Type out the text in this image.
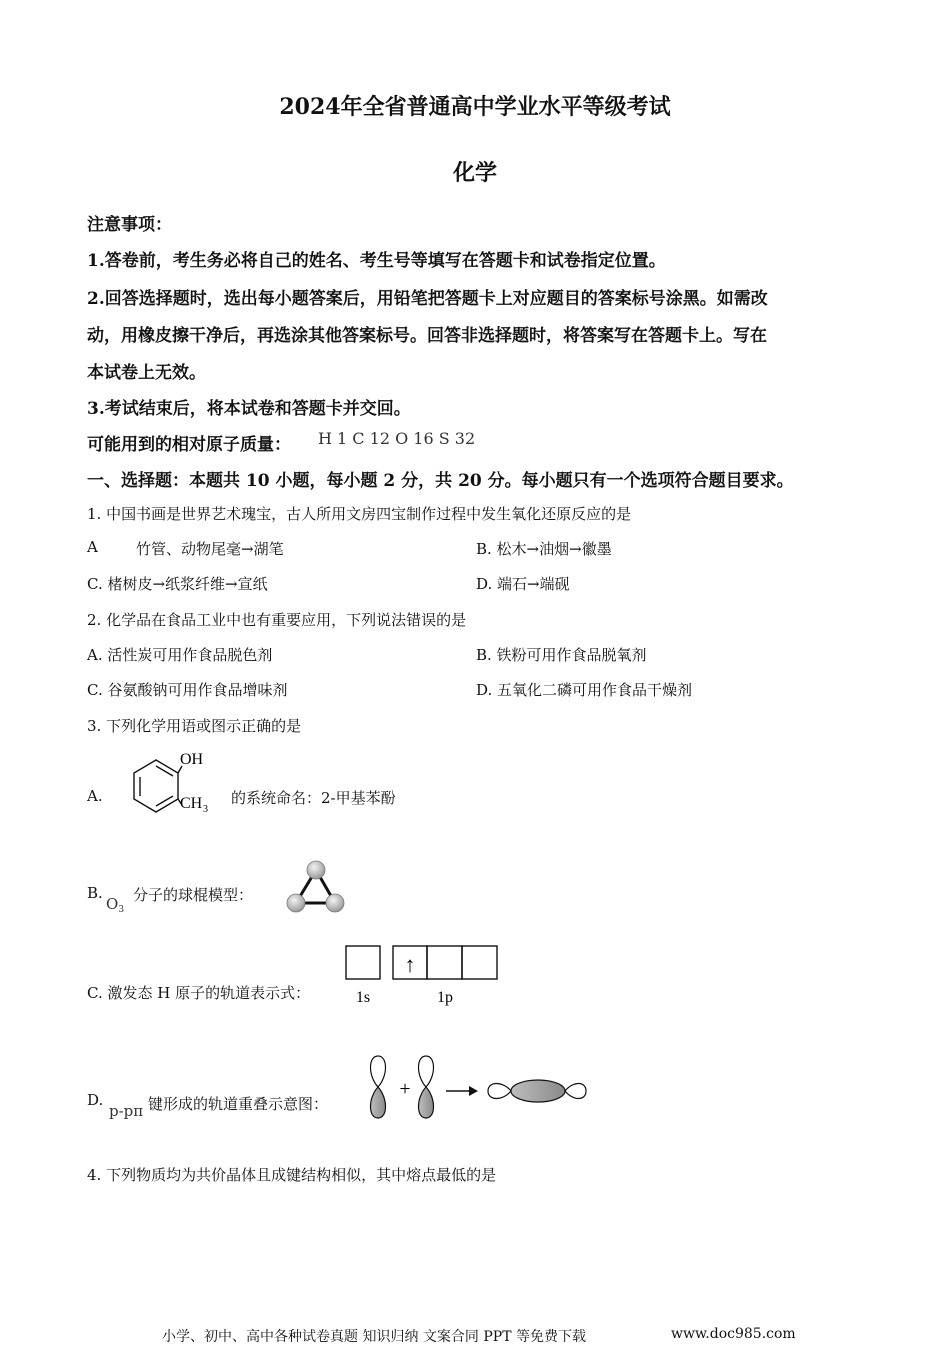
2024年全省普通高中学业水平等级考试
化学
注意事项：
1.答卷前，考生务必将自己的姓名、考生号等填写在答题卡和试卷指定位置。
2.回答选择题时，选出每小题答案后，用铅笔把答题卡上对应题目的答案标号涂黑。如需改
动，用橡皮擦干净后，再选涂其他答案标号。回答非选择题时，将答案写在答题卡上。写在
本试卷上无效。
3.考试结束后，将本试卷和答题卡并交回。
可能用到的相对原子质量： H 1 C 12 O 16 S 32
一、选择题：本题共 10 小题，每小题 2 分，共 20 分。每小题只有一个选项符合题目要求。
1. 中国书画是世界艺术瑰宝，古人所用文房四宝制作过程中发生氧化还原反应的是
A	竹管、动物尾毫→湖笔	B. 松木→油烟→徽墨
C. 楮树皮→纸浆纤维→宣纸	D. 端石→端砚
2. 化学品在食品工业中也有重要应用，下列说法错误的是
A. 活性炭可用作食品脱色剂	B. 铁粉可用作食品脱氧剂
C. 谷氨酸钠可用作食品增味剂	D. 五氧化二磷可用作食品干燥剂
3. 下列化学用语或图示正确的是
A.
OH
CH 3
的系统命名：2-甲基苯酚
B.
$O_3$
分子的球棍模型：
C. 激发态 H 原子的轨道表示式：
↑
1s	1p
D.
p-pπ 键形成的轨道重叠示意图：
+
4. 下列物质均为共价晶体且成键结构相似，其中熔点最低的是
小学、初中、高中各种试卷真题 知识归纳 文案合同 PPT 等免费下载	www.doc985.com
